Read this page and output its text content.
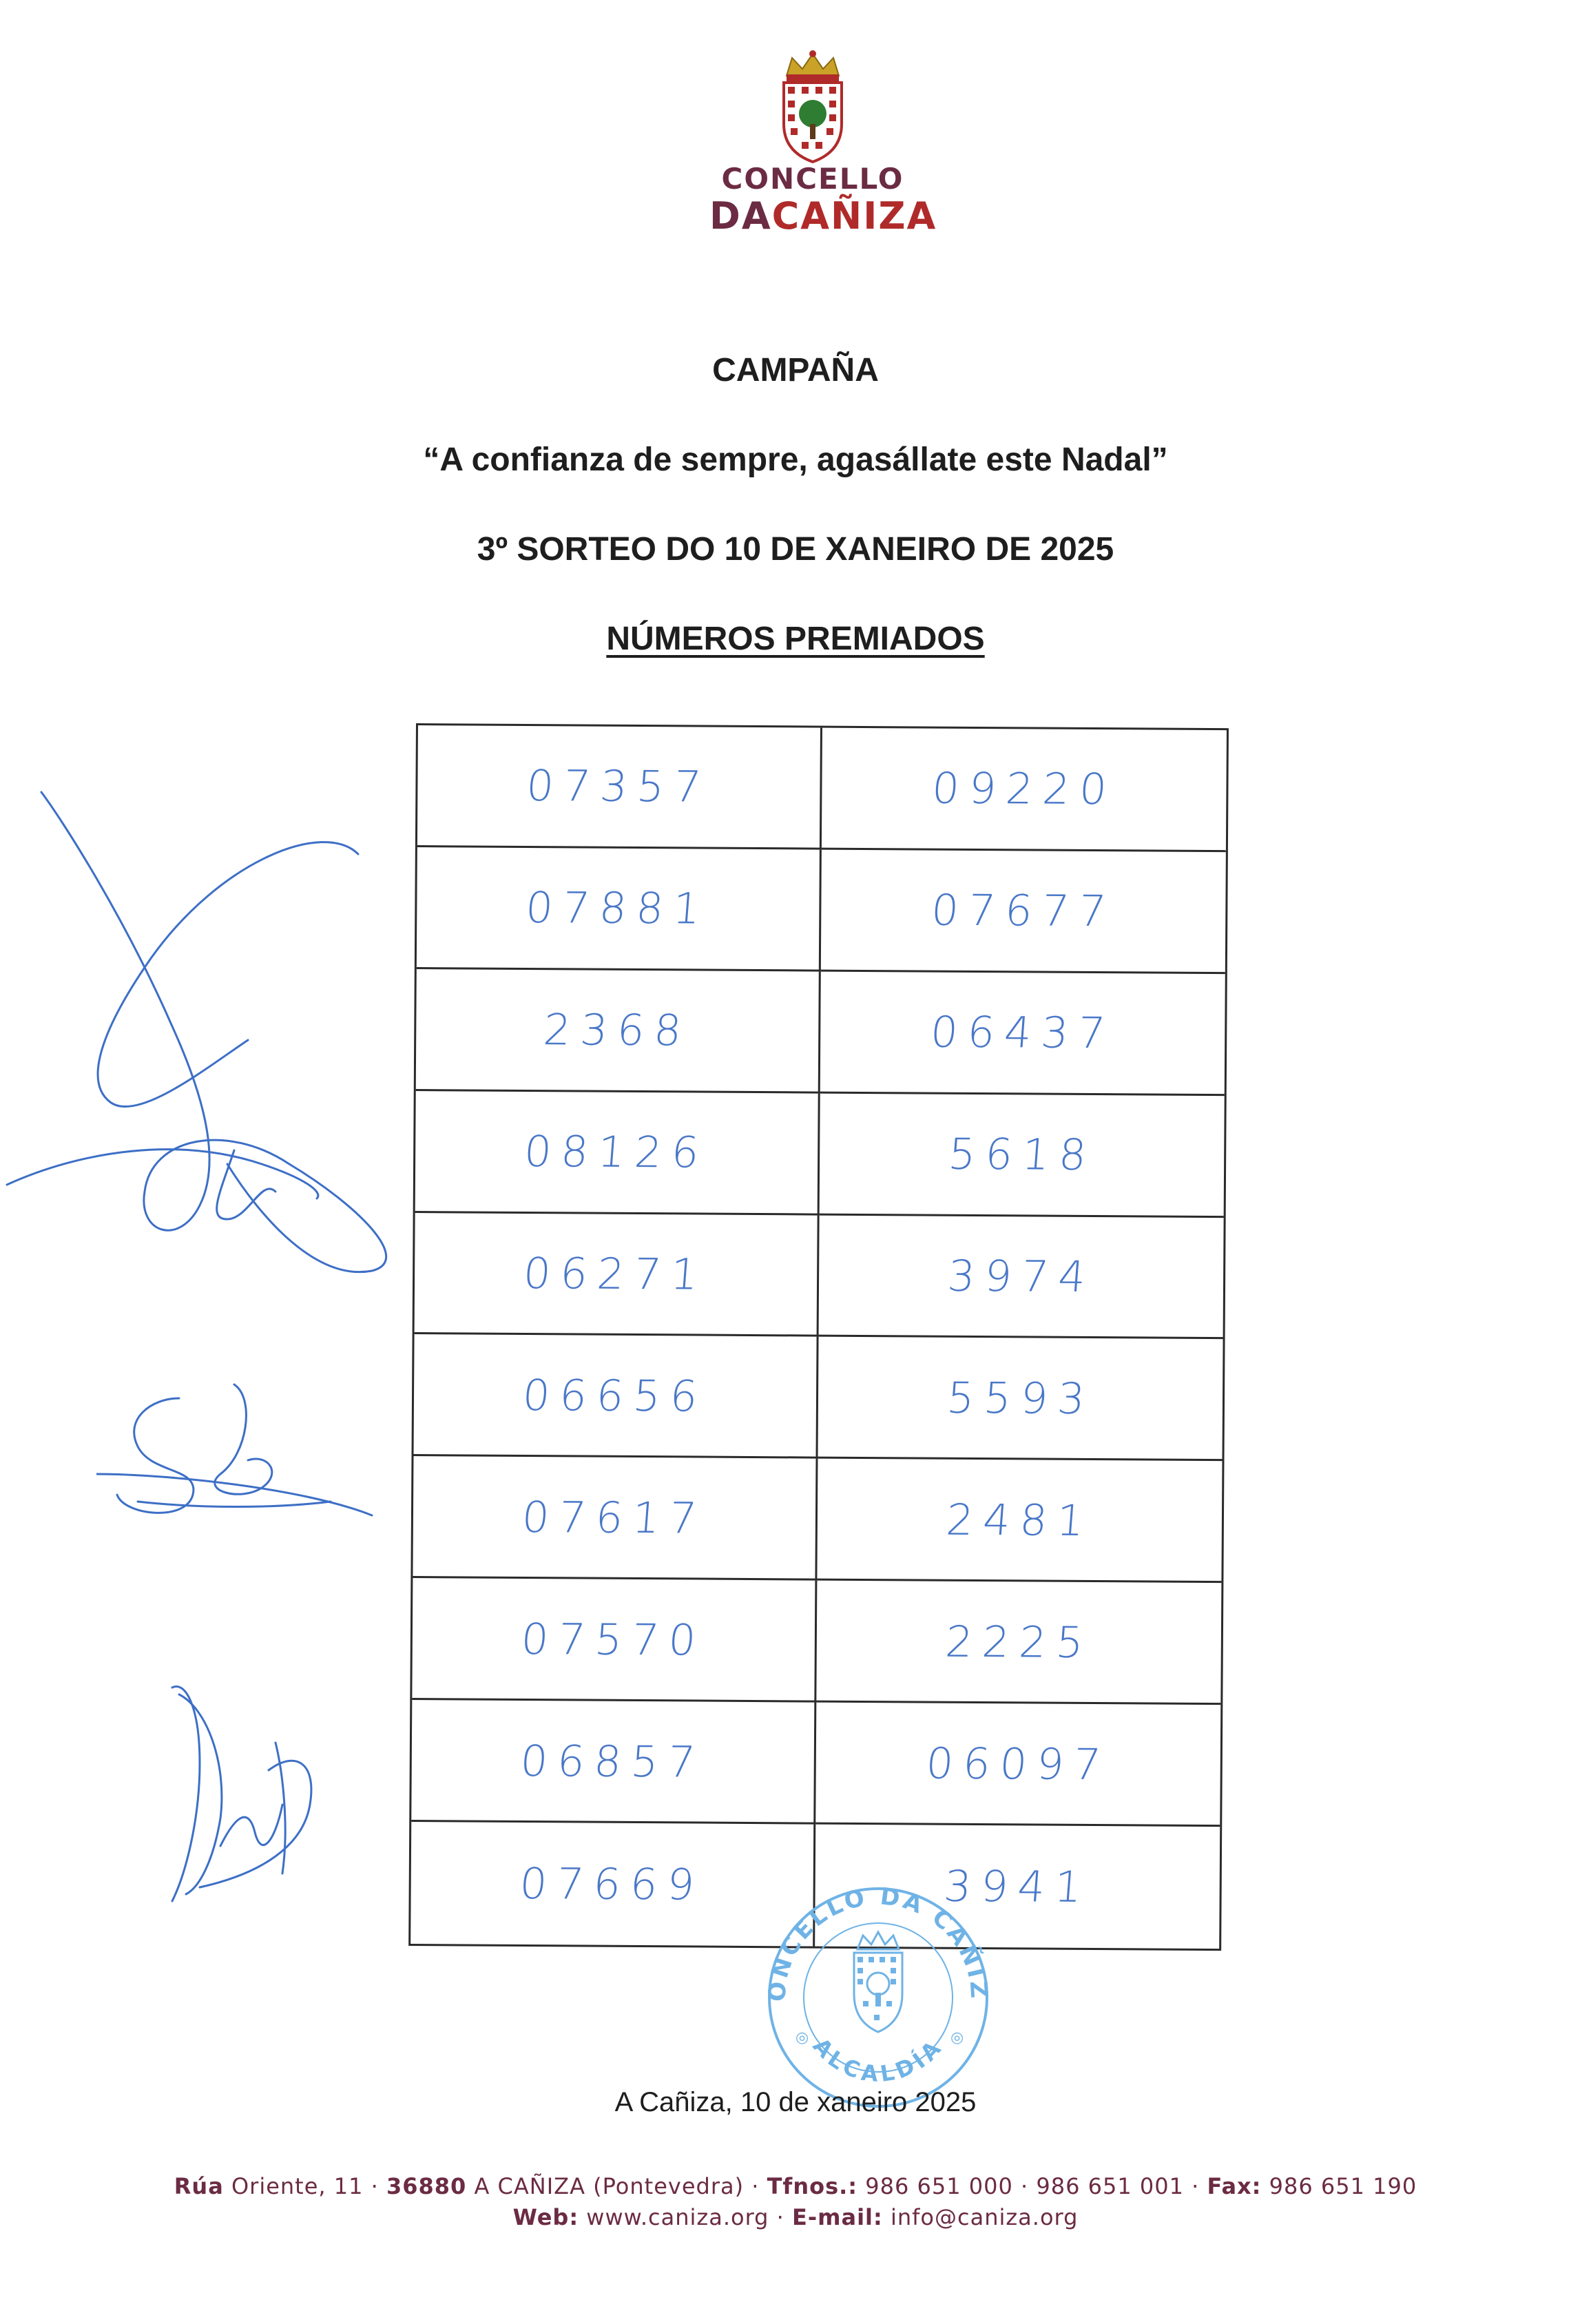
CONCELLO
DACAÑIZA
CAMPAÑA
“A confianza de sempre, agasállate este Nadal”
3º SORTEO DO 10 DE XANEIRO DE 2025
NÚMEROS PREMIADOS
07357	09220
07881	07677
2368	06437
08126	5618
06271	3974
06656	5593
07617	2481
07570	2225
06857	06097
07669	3941
ONCELLO DA CAÑIZ
ALCALDÍA
◎	◎
A Cañiza, 10 de xaneiro 2025
Rúa Oriente, 11 · 36880 A CAÑIZA (Pontevedra) · Tfnos.: 986 651 000 · 986 651 001 · Fax: 986 651 190
Web: www.caniza.org · E-mail: info@caniza.org
